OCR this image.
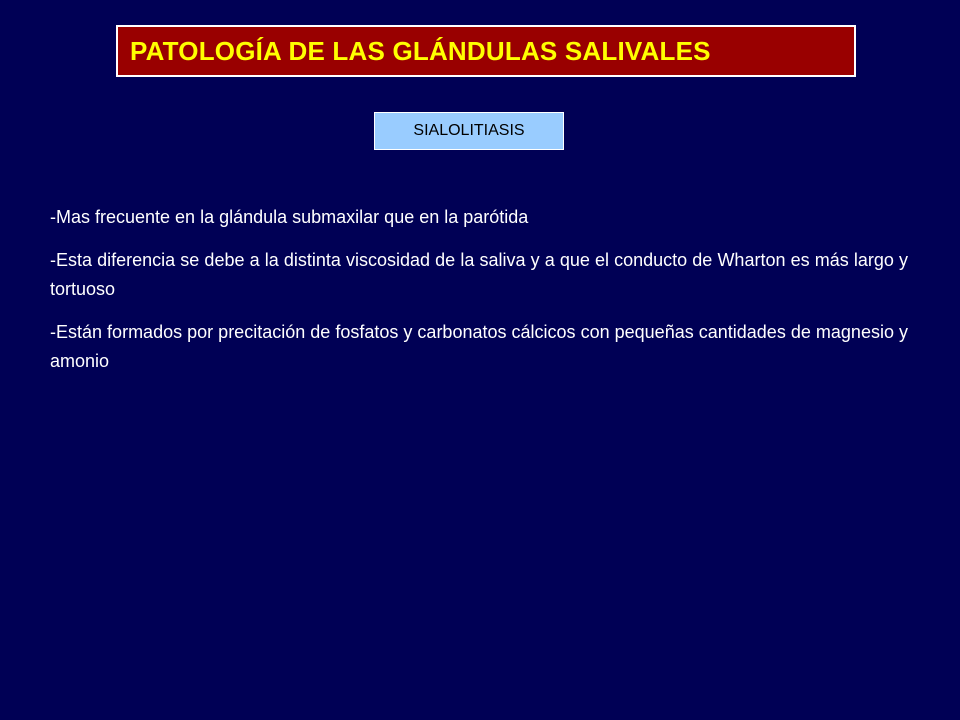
PATOLOGÍA DE LAS GLÁNDULAS SALIVALES
SIALOLITIASIS

-Mas frecuente en la glándula submaxilar que en la parótida

-Esta diferencia se debe a la distinta viscosidad de la saliva y a que el conducto de Wharton es más largo y tortuoso

-Están formados por precitación de fosfatos y carbonatos cálcicos con pequeñas cantidades de magnesio y amonio
